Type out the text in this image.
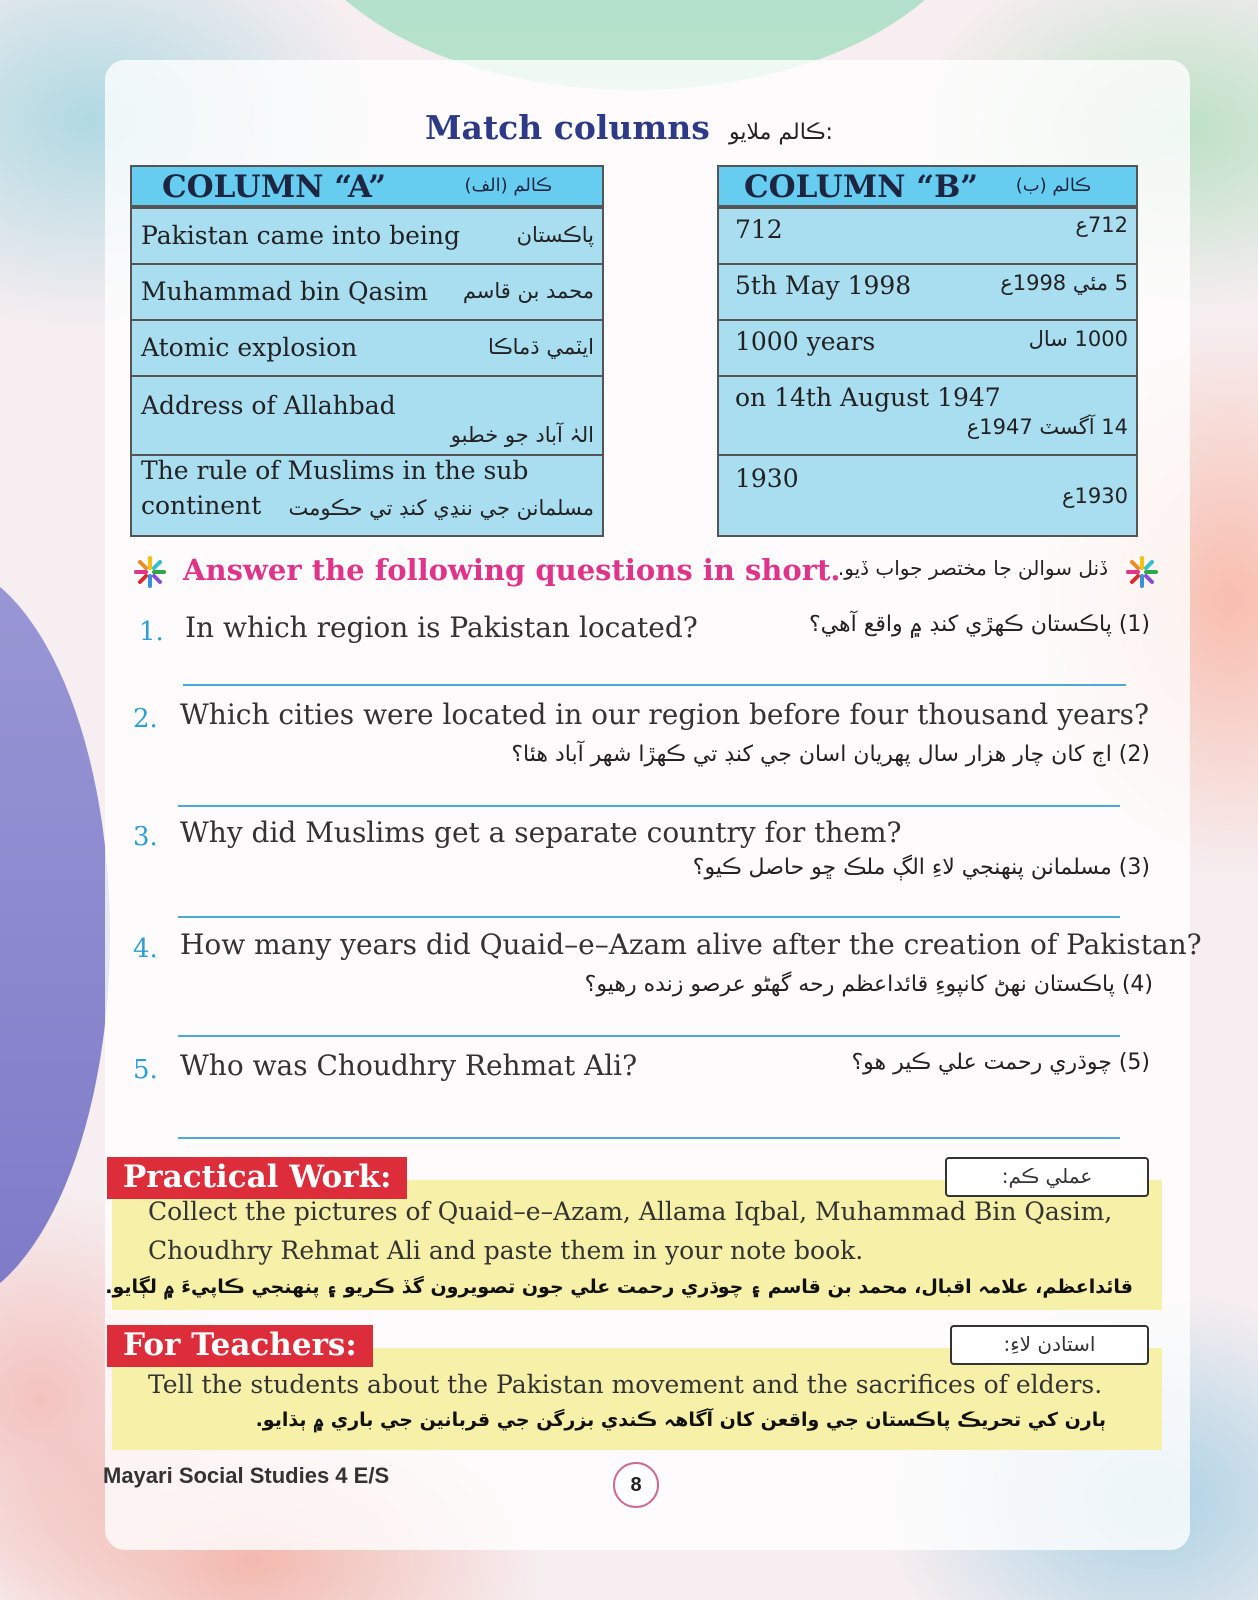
Match columns ڪالم ملايو:
COLUMN “A”	ڪالم (الف)
Pakistan came into being	پاڪستان
Muhammad bin Qasim محمد بن قاسم
Atomic explosion	ايٽمي ڌماڪا
Address of Allahbad
الہٰ آباد جو خطبو
The rule of Muslims in the sub
continent مسلمانن جي ننڍي کنڊ تي حڪومت
COLUMN “B” ڪالم (ب)
712	712ع
5th May 1998	5 مئي 1998ع
1000 years	1000 سال
on 14th August 1947
14 آگسٽ 1947ع
1930
1930ع
Answer the following questions in short.
ڏنل سوالن جا مختصر جواب ڏيو.
1. In which region is Pakistan located?	(1) پاڪستان ڪهڙي کنڊ ۾ واقع آهي؟
2. Which cities were located in our region before four thousand years?
(2) اڄ کان چار هزار سال پهريان اسان جي کنڊ تي ڪهڙا شهر آباد هئا؟
3. Why did Muslims get a separate country for them?
(3) مسلمانن پنهنجي لاءِ الڳ ملڪ ڇو حاصل ڪيو؟
4. How many years did Quaid–e–Azam alive after the creation of Pakistan?
(4) پاڪستان نهڻ کانپوءِ قائداعظم رحه گهڻو عرصو زنده رهيو؟
5. Who was Choudhry Rehmat Ali?	(5) چوڌري رحمت علي ڪير هو؟
Practical Work:	عملي ڪم:
Collect the pictures of Quaid–e–Azam, Allama Iqbal, Muhammad Bin Qasim,
Choudhry Rehmat Ali and paste them in your note book.
قائداعظم، علامہ اقبال، محمد بن قاسم ۽ چوڌري رحمت علي جون تصويرون گڏ ڪريو ۽ پنهنجي ڪاپيءَ ۾ لڳايو.
For Teachers:	استادن لاءِ:
Tell the students about the Pakistan movement and the sacrifices of elders.
ٻارن کي تحريڪ پاڪستان جي واقعن کان آگاهہ ڪندي بزرگن جي قربانين جي باري ۾ ٻڌايو.
Mayari Social Studies 4 E/S	8
